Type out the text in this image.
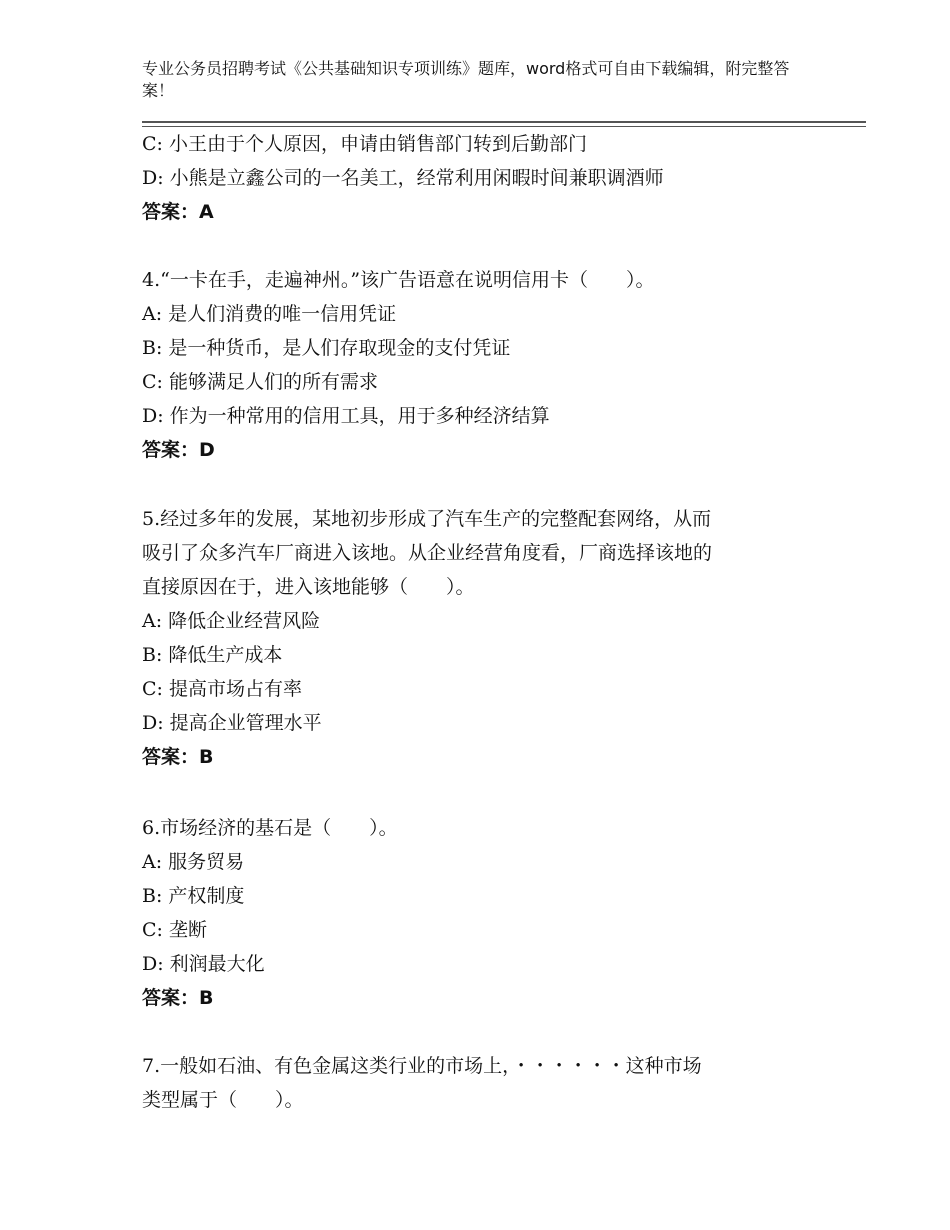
专业公务员招聘考试《公共基础知识专项训练》题库，word格式可自由下载编辑，附完整答案！
C: 小王由于个人原因，申请由销售部门转到后勤部门
D: 小熊是立鑫公司的一名美工，经常利用闲暇时间兼职调酒师
答案：A
4.“一卡在手，走遍神州。”该广告语意在说明信用卡（　　）。
A: 是人们消费的唯一信用凭证
B: 是一种货币，是人们存取现金的支付凭证
C: 能够满足人们的所有需求
D: 作为一种常用的信用工具，用于多种经济结算
答案：D
5.经过多年的发展，某地初步形成了汽车生产的完整配套网络，从而
吸引了众多汽车厂商进入该地。从企业经营角度看，厂商选择该地的
直接原因在于，进入该地能够（　　）。
A: 降低企业经营风险
B: 降低生产成本
C: 提高市场占有率
D: 提高企业管理水平
答案：B
6.市场经济的基石是（　　）。
A: 服务贸易
B: 产权制度
C: 垄断
D: 利润最大化
答案：B
7.一般如石油、有色金属这类行业的市场上，・・・・・・这种市场
类型属于（　　）。
